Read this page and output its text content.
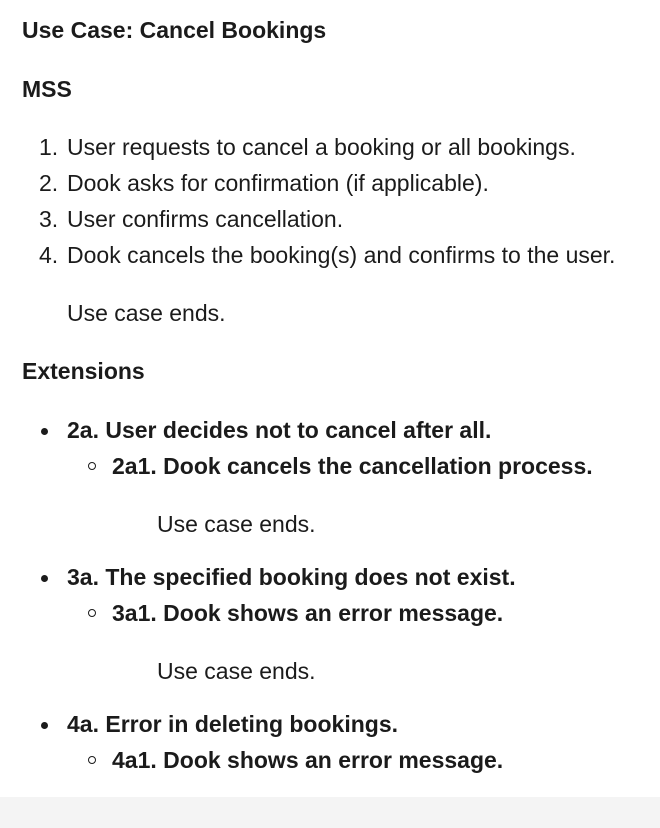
Use Case: Cancel Bookings
MSS
1. User requests to cancel a booking or all bookings.
2. Dook asks for confirmation (if applicable).
3. User confirms cancellation.
4. Dook cancels the booking(s) and confirms to the user.
Use case ends.
Extensions
2a. User decides not to cancel after all.
2a1. Dook cancels the cancellation process.
Use case ends.
3a. The specified booking does not exist.
3a1. Dook shows an error message.
Use case ends.
4a. Error in deleting bookings.
4a1. Dook shows an error message.
